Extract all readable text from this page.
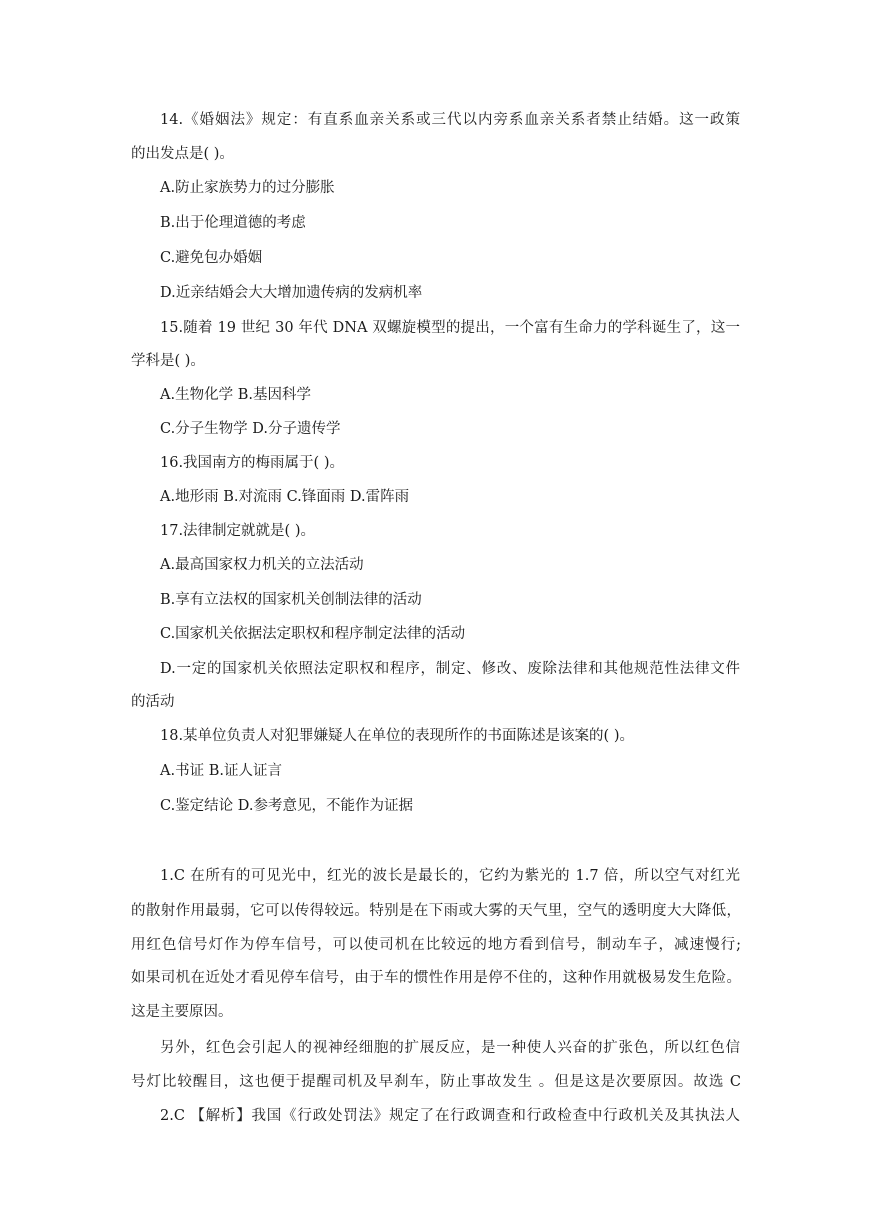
14.《婚姻法》规定：有直系血亲关系或三代以内旁系血亲关系者禁止结婚。这一政策
的出发点是( )。
A.防止家族势力的过分膨胀
B.出于伦理道德的考虑
C.避免包办婚姻
D.近亲结婚会大大增加遗传病的发病机率
15.随着 19 世纪 30 年代 DNA 双螺旋模型的提出，一个富有生命力的学科诞生了，这一
学科是( )。
A.生物化学 B.基因科学
C.分子生物学 D.分子遗传学
16.我国南方的梅雨属于( )。
A.地形雨 B.对流雨 C.锋面雨 D.雷阵雨
17.法律制定就就是( )。
A.最高国家权力机关的立法活动
B.享有立法权的国家机关创制法律的活动
C.国家机关依据法定职权和程序制定法律的活动
D.一定的国家机关依照法定职权和程序，制定、修改、废除法律和其他规范性法律文件
的活动
18.某单位负责人对犯罪嫌疑人在单位的表现所作的书面陈述是该案的( )。
A.书证 B.证人证言
C.鉴定结论 D.参考意见，不能作为证据
1.C 在所有的可见光中，红光的波长是最长的，它约为紫光的 1.7 倍，所以空气对红光
的散射作用最弱，它可以传得较远。特别是在下雨或大雾的天气里，空气的透明度大大降低，
用红色信号灯作为停车信号，可以使司机在比较远的地方看到信号，制动车子，减速慢行;
如果司机在近处才看见停车信号，由于车的惯性作用是停不住的，这种作用就极易发生危险。
这是主要原因。
另外，红色会引起人的视神经细胞的扩展反应，是一种使人兴奋的扩张色，所以红色信
号灯比较醒目，这也便于提醒司机及早刹车，防止事故发生 。但是这是次要原因。故选 C
2.C 【解析】我国《行政处罚法》规定了在行政调查和行政检查中行政机关及其执法人
